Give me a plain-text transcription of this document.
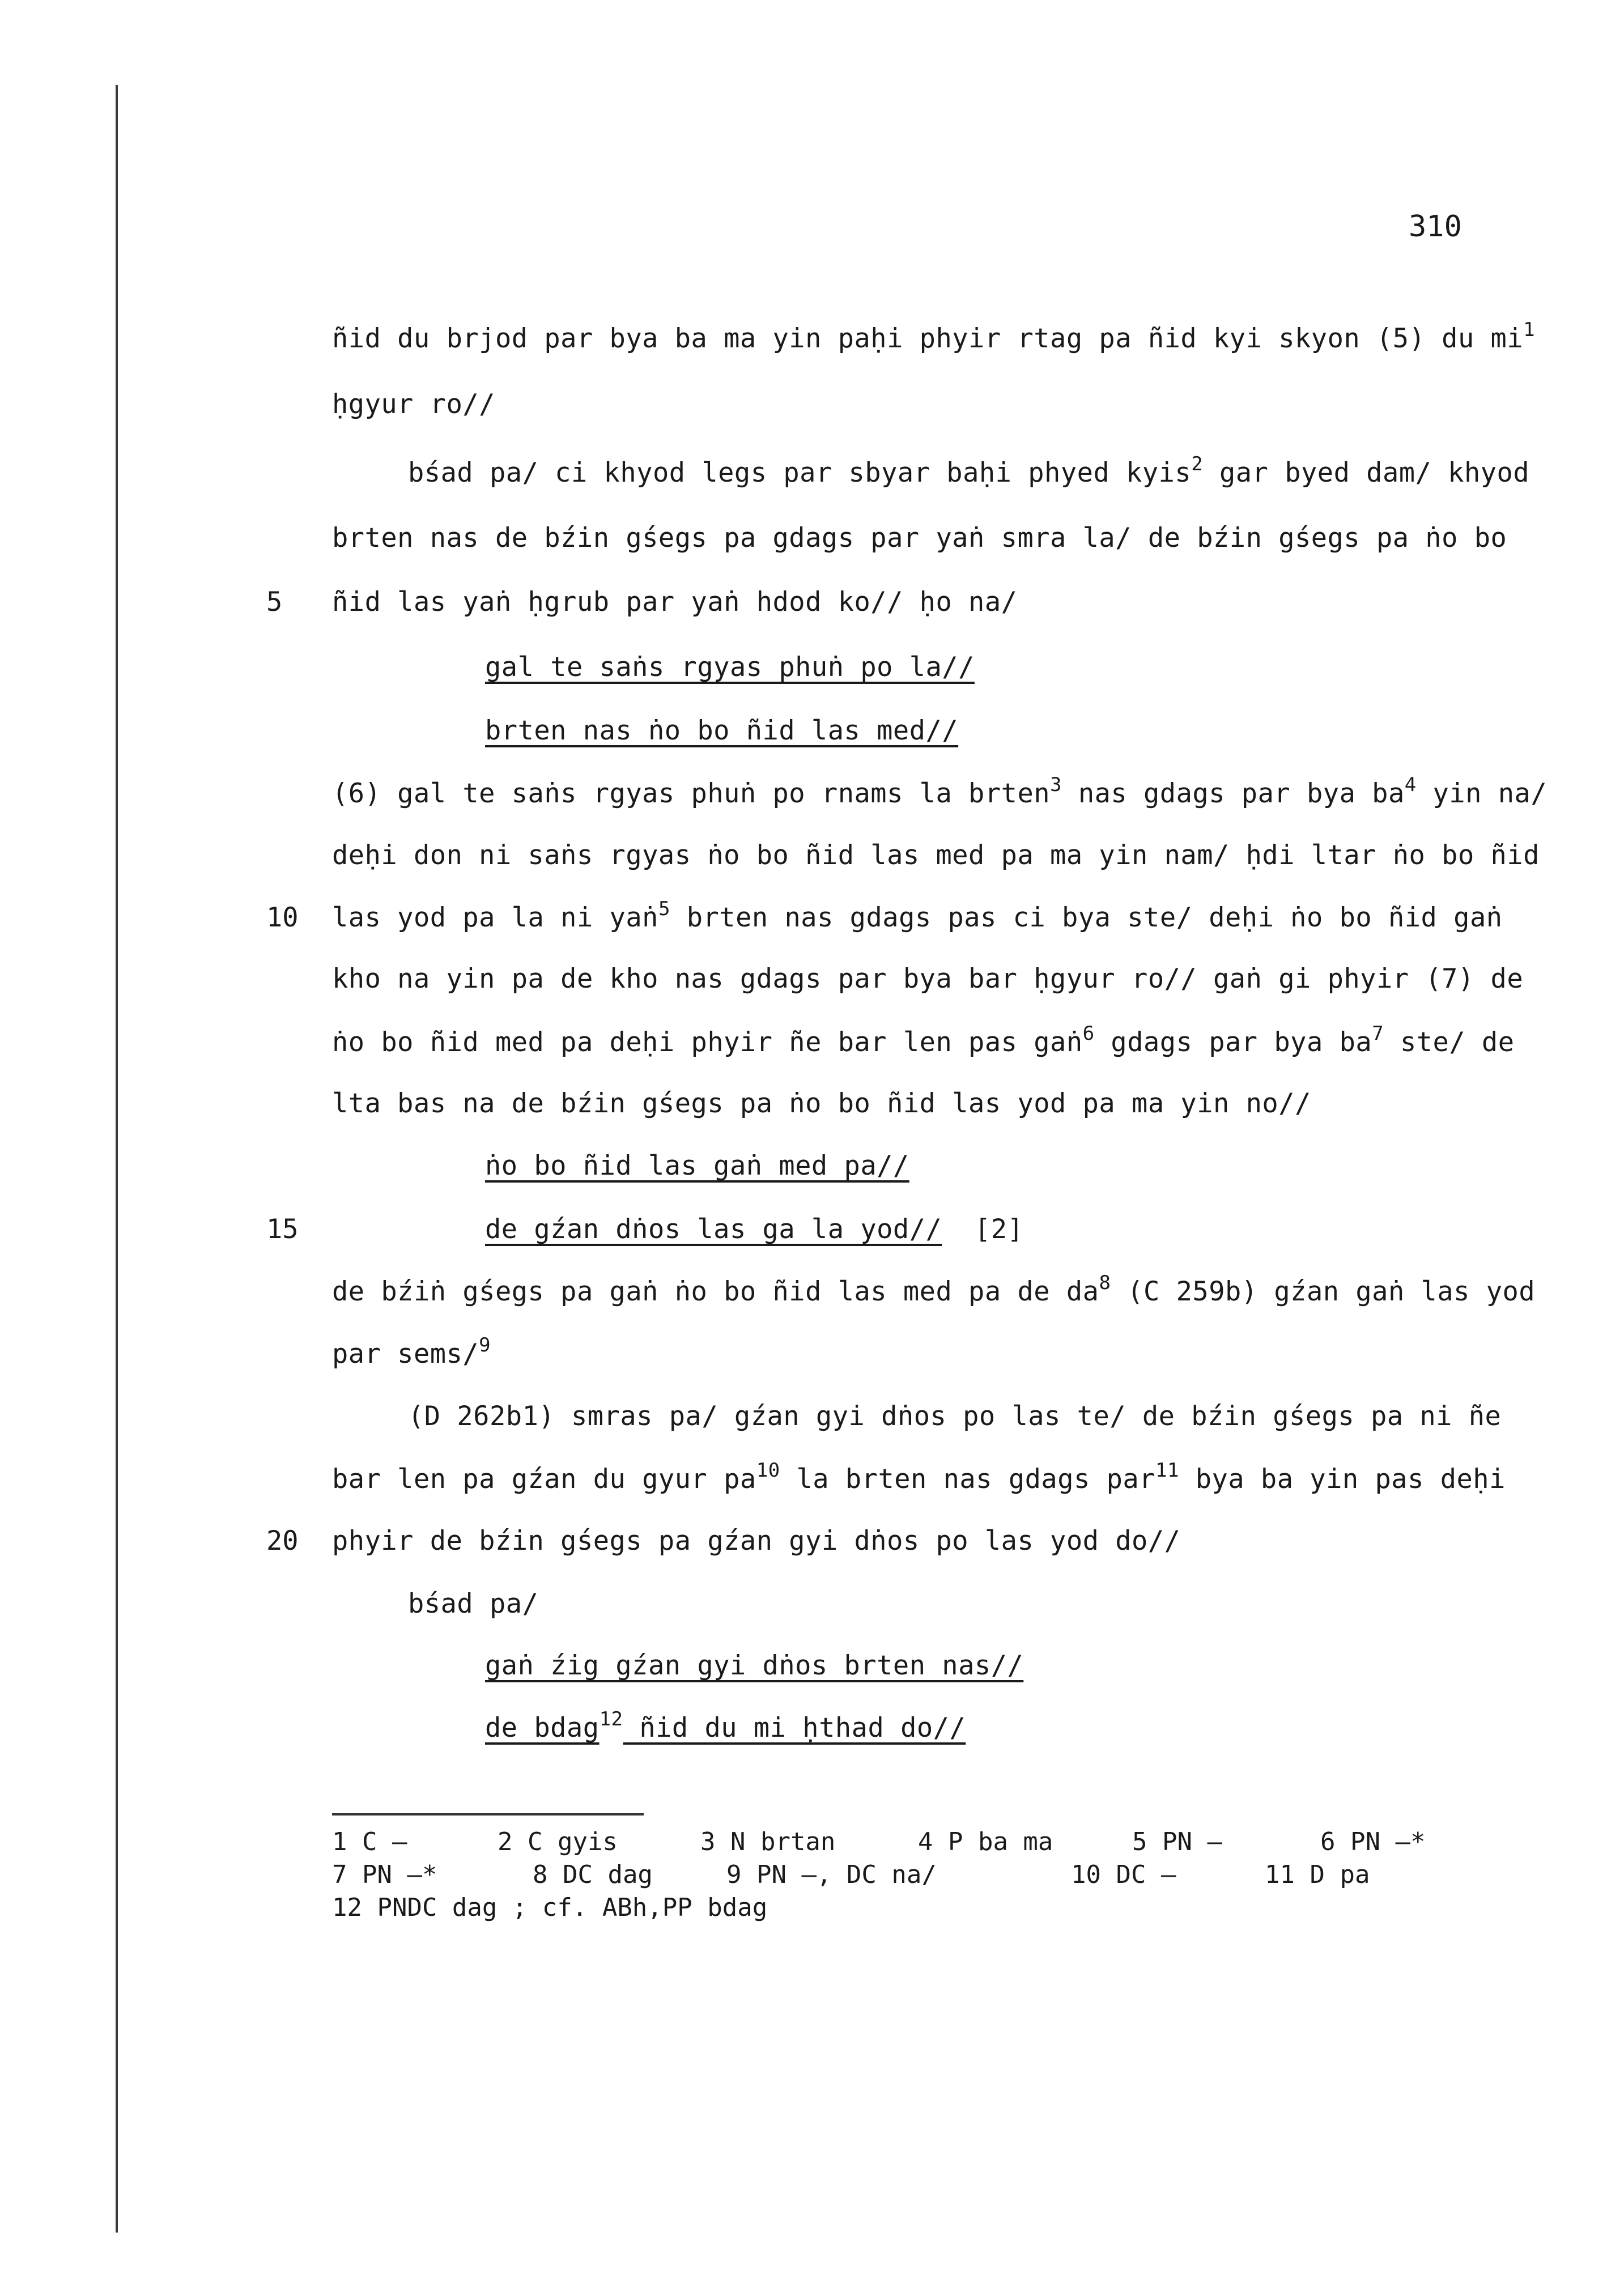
310
ñid du brjod par bya ba ma yin paḥi phyir rtag pa ñid kyi skyon (5) du $mi^1$
ḥgyur ro//
bśad pa/ ci khyod legs par sbyar baḥi phyed kyis$^2$ gar byed dam/ khyod
brten nas de bźin gśegs pa gdags par yaṅ smra la/ de bźin gśegs pa ṅo bo
ñid las yaṅ ḥgrub par yaṅ hdod ko// ḥo na/
5
gal te saṅs rgyas phuṅ po la//
brten nas ṅo bo ñid las med//
(6) gal te saṅs rgyas phuṅ po rnams la brten$^3$ nas gdags par bya $ba^4$ yin na/
deḥi don ni saṅs rgyas ṅo bo ñid las med pa ma yin nam/ ḥdi ltar ṅo bo ñid
las yod pa la ni yaṅ$^5$ brten nas gdags pas ci bya ste/ deḥi ṅo bo ñid gaṅ
10
kho na yin pa de kho nas gdags par bya bar ḥgyur ro// gaṅ gi phyir (7) de
ṅo bo ñid med pa deḥi phyir ñe bar len pas gaṅ$^6$ gdags par bya $ba^7$ ste/ de
lta bas na de bźin gśegs pa ṅo bo ñid las yod pa ma yin no//
ṅo bo ñid las gaṅ med pa//
de gźan dṅos las ga la yod//  [2]
15
de bźiṅ gśegs pa gaṅ ṅo bo ñid las med pa de $da^8$ (C 259b) gźan gaṅ las yod
par sems/$^9$
(D 262b1) smras pa/ gźan gyi dṅos po las te/ de bźin gśegs pa ni ñe
bar len pa gźan du gyur $pa^{10}$ la brten nas gdags par$^{11}$ bya ba yin pas deḥi
phyir de bźin gśegs pa gźan gyi dṅos po las yod do//
20
bśad pa/
gaṅ źig gźan gyi dṅos brten nas//
de bdag$^{12}$ ñid du mi ḥthad do//
1 C —	2 C gyis	3 N brtan	4 P ba ma	5 PN —	6 PN —*
7 PN —*	8 DC dag	9 PN —, DC na/	10 DC —	11 D pa
12 PNDC dag ; cf. ABh,PP bdag
